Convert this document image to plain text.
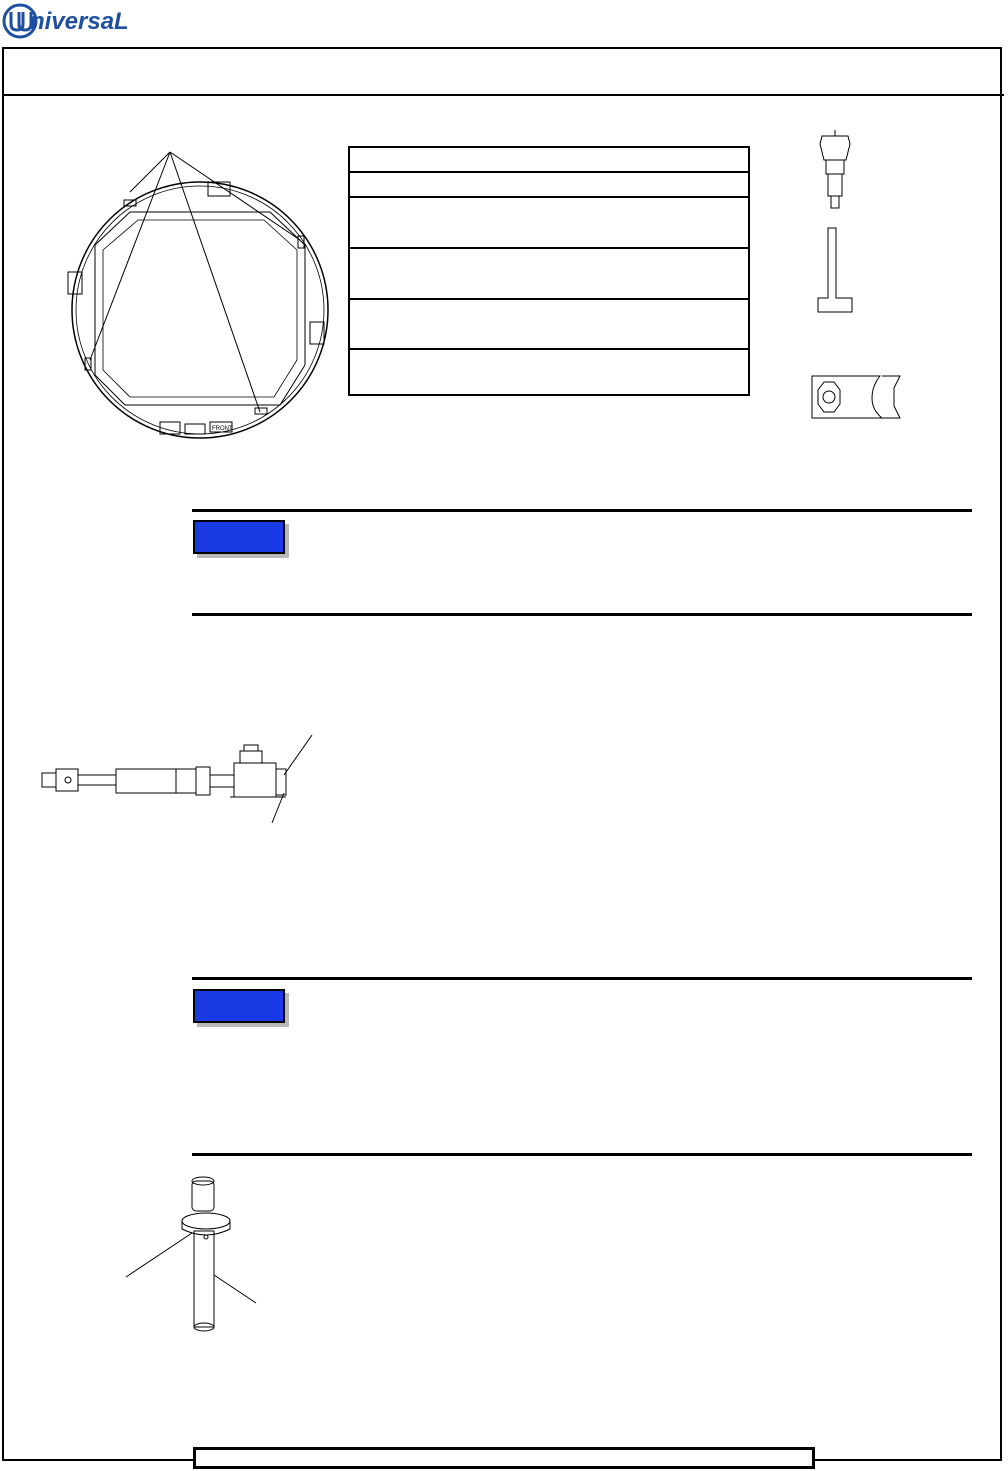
niversaL
FRONT
